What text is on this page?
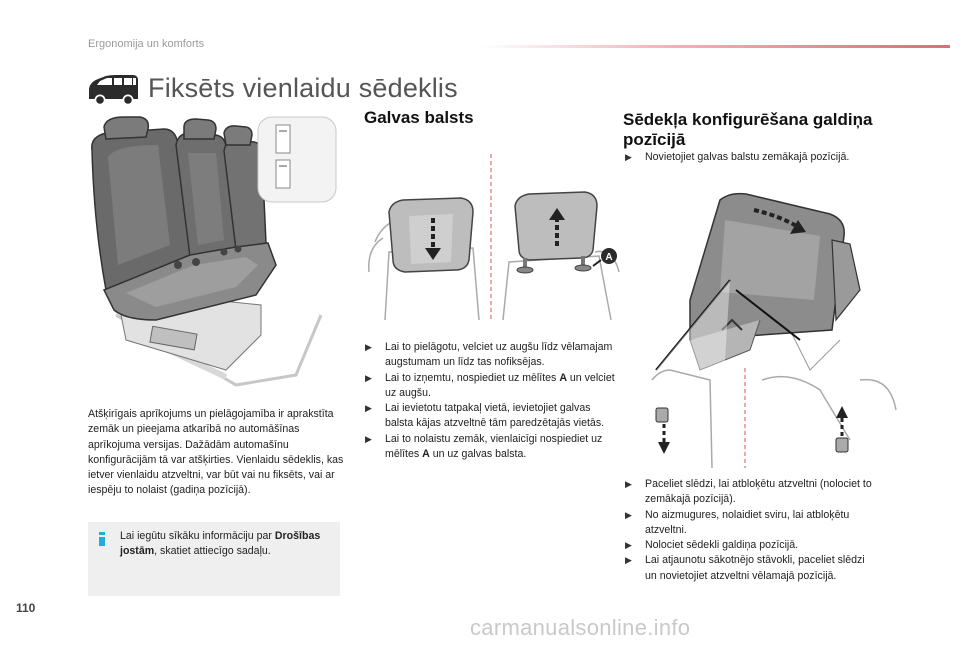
Ergonomija un komforts
Fiksēts vienlaidu sēdeklis

Atšķirīgais aprīkojums un pielāgojamība ir aprakstīta zemāk un pieejama atkarībā no automāšīnas aprīkojuma versijas. Dažādām automašīnu konfigurācijām tā var atšķirties. Vienlaidu sēdeklis, kas ietver vienlaidu atzveltni, var būt vai nu fiksēts, vai ar iespēju to nolaist (gadiņa pozīcijā).

Lai iegūtu sīkāku informāciju par Drošības jostām, skatiet attiecīgo sadaļu.

Galvas balsts
A
▶ Lai to pielāgotu, velciet uz augšu līdz vēlamajam augstumam un līdz tas nofiksējas.
▶ Lai to izņemtu, nospiediet uz mēlītes A un velciet uz augšu.
▶ Lai ievietotu tatpakaļ vietā, ievietojiet galvas balsta kājas atzveltnē tām paredzētajās vietās.
▶ Lai to nolaistu zemāk, vienlaicīgi nospiediet uz mēlītes A un uz galvas balsta.
Sēdekļa konfigurēšana galdiņa pozīcijā
▶ Novietojiet galvas balstu zemākajā pozīcijā.
▶ Paceliet slēdzi, lai atbloķētu atzveltni (nolociet to zemākajā pozīcijā).
▶ No aizmugures, nolaidiet sviru, lai atbloķētu atzveltni.
▶ Nolociet sēdekli galdiņa pozīcijā.
▶ Lai atjaunotu sākotnējo stāvokli, paceliet slēdzi un novietojiet atzveltni vēlamajā pozīcijā.
110
carmanualsonline.info
